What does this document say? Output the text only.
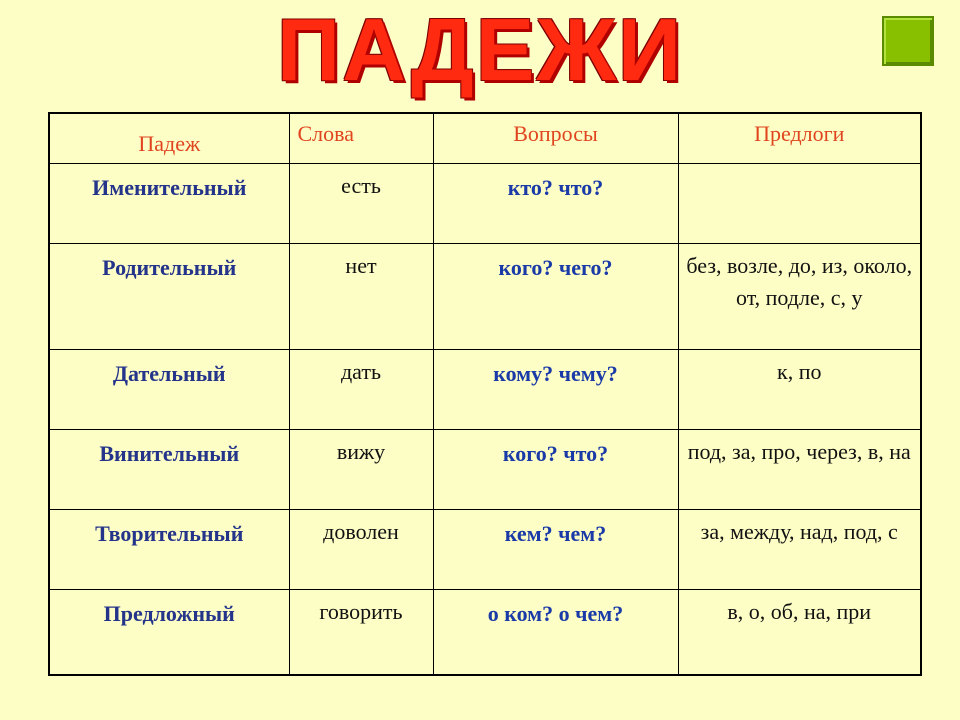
ПАДЕЖИ
Падеж	Слова	Вопросы	Предлоги
Именительный	есть	кто? что?	
Родительный	нет	кого? чего?	без, возле, до, из, около, от, подле, с, у
Дательный	дать	кому? чему?	к, по
Винительный	вижу	кого? что?	под, за, про, через, в, на
Творительный	доволен	кем? чем?	за, между, над, под, с
Предложный	говорить	о ком? о чем?	в, о, об, на, при
